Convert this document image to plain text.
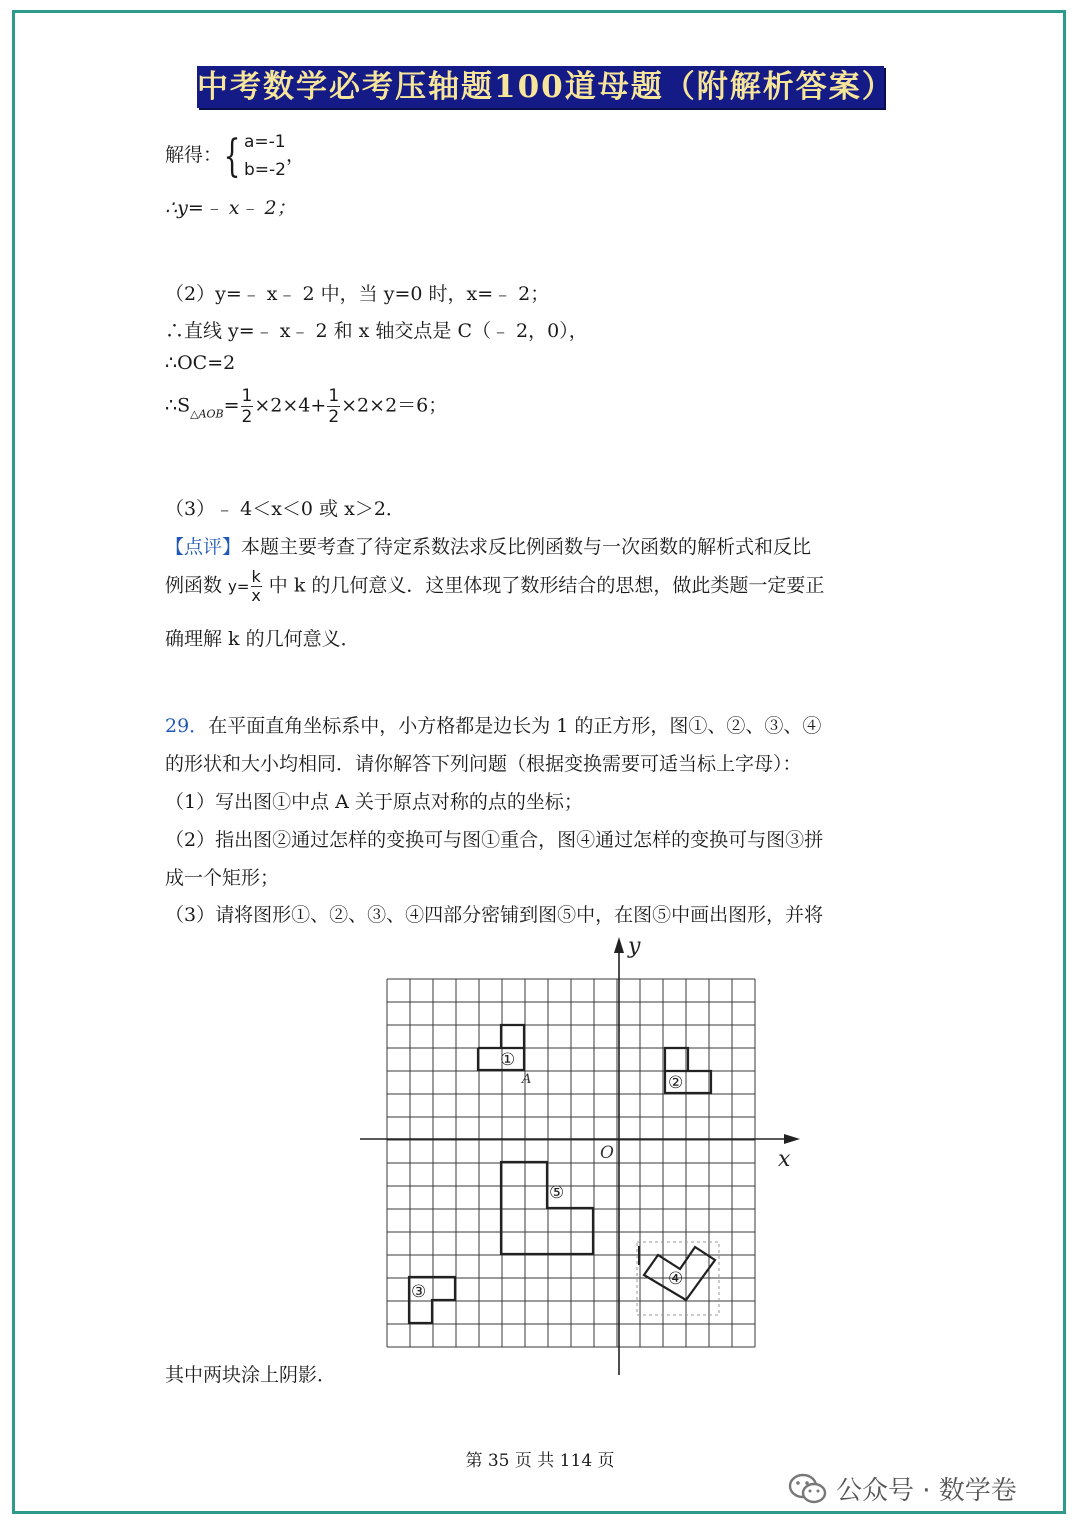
中考数学必考压轴题100道母题（附解析答案）
解得：{ a=-1
b=-2，
∴y=﹣ x﹣ 2；
（2）y=﹣ x﹣ 2 中，当 y=0 时，x=﹣ 2；
∴直线 y=﹣ x﹣ 2 和 x 轴交点是 C（﹣ 2，0），
∴OC=2
$\therefore S_{\triangle AOB}= \frac{1}{2} \times 2\times 4+ \frac{1}{2} \times 2\times 2=6$；
（3）﹣ 4＜x＜0 或 x＞2．
【点评】本题主要考查了待定系数法求反比例函数与一次函数的解析式和反比
例函数 $y= \frac{k}{x}$ 中 k 的几何意义．这里体现了数形结合的思想，做此类题一定要正
确理解 k 的几何意义．
29．在平面直角坐标系中，小方格都是边长为 1 的正方形，图①、②、③、④
的形状和大小均相同．请你解答下列问题（根据变换需要可适当标上字母）：
（1）写出图①中点 A 关于原点对称的点的坐标；
（2）指出图②通过怎样的变换可与图①重合，图④通过怎样的变换可与图③拼
成一个矩形；
（3）请将图形①、②、③、④四部分密铺到图⑤中，在图⑤中画出图形，并将
x
y
O
①
A	②
⑤
③
④
其中两块涂上阴影．
第 35 页 共 114 页
公众号 · 数学卷
